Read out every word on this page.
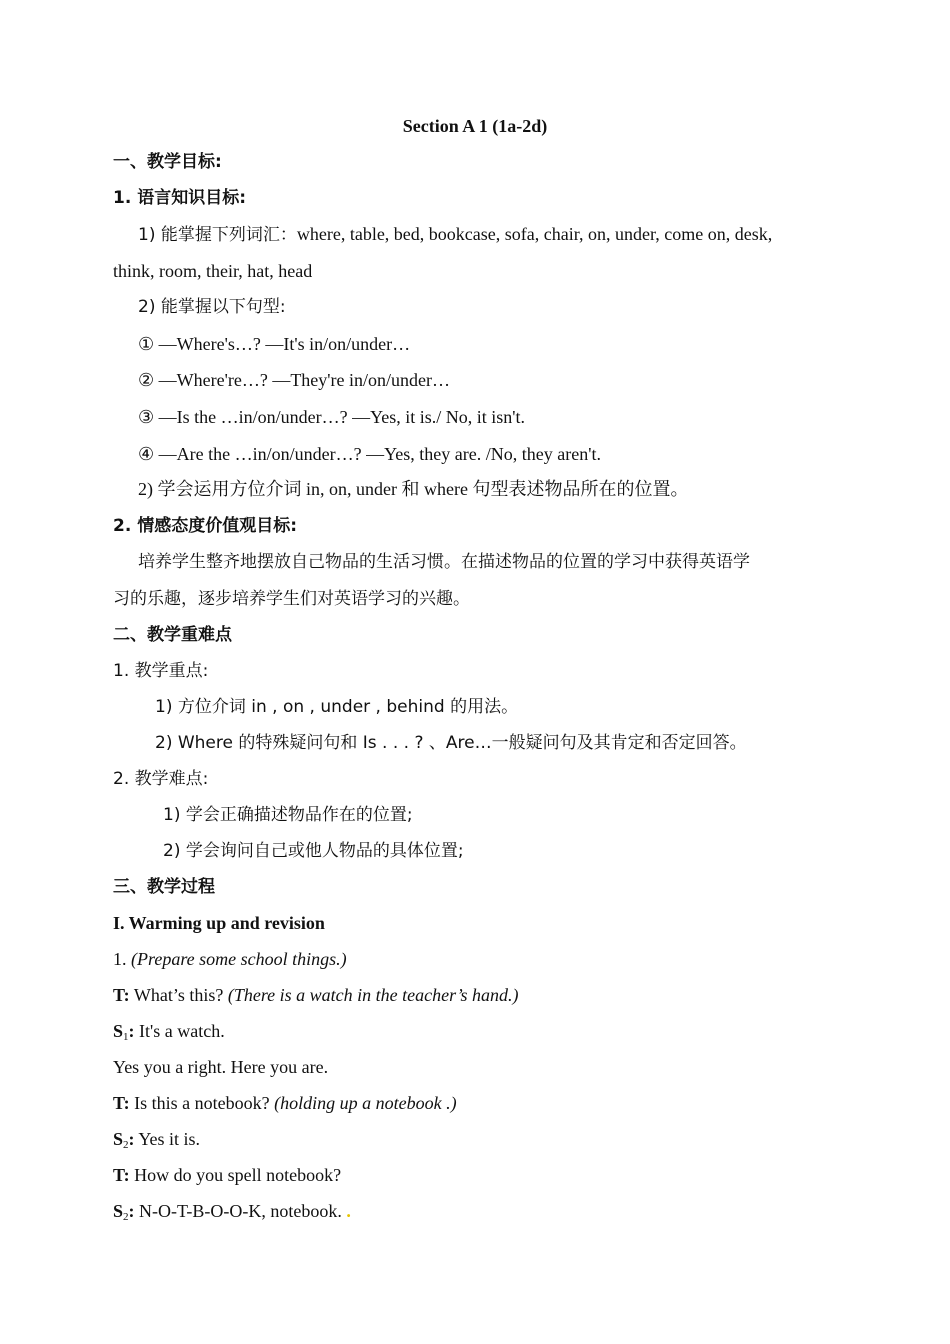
Section A 1 (1a-2d)
一、教学目标:
1. 语言知识目标:
1) 能掌握下列词汇：where, table, bed, bookcase, sofa, chair, on, under, come on, desk,
think, room, their, hat, head
2) 能掌握以下句型:
① —Where's…? —It's in/on/under…
② —Where're…? —They're in/on/under…
③ —Is the …in/on/under…? —Yes, it is./ No, it isn't.
④ —Are the …in/on/under…? —Yes, they are. /No, they aren't.
2) 学会运用方位介词 in, on, under 和 where 句型表述物品所在的位置。
2. 情感态度价值观目标:
培养学生整齐地摆放自己物品的生活习惯。在描述物品的位置的学习中获得英语学
习的乐趣，逐步培养学生们对英语学习的兴趣。
二、教学重难点
1. 教学重点:
1) 方位介词 in , on , under , behind 的用法。
2) Where 的特殊疑问句和 Is . . . ? 、Are…一般疑问句及其肯定和否定回答。
2. 教学难点:
1) 学会正确描述物品作在的位置;
2) 学会询问自己或他人物品的具体位置;
三、教学过程
I. Warming up and revision
1. (Prepare some school things.)
T: What’s this? (There is a watch in the teacher’s hand.)
$S_1$: It's a watch.
Yes you a right. Here you are.
T: Is this a notebook? (holding up a notebook .)
$S_2$: Yes it is.
T: How do you spell notebook?
$S_2$: N-O-T-B-O-O-K, notebook. .
